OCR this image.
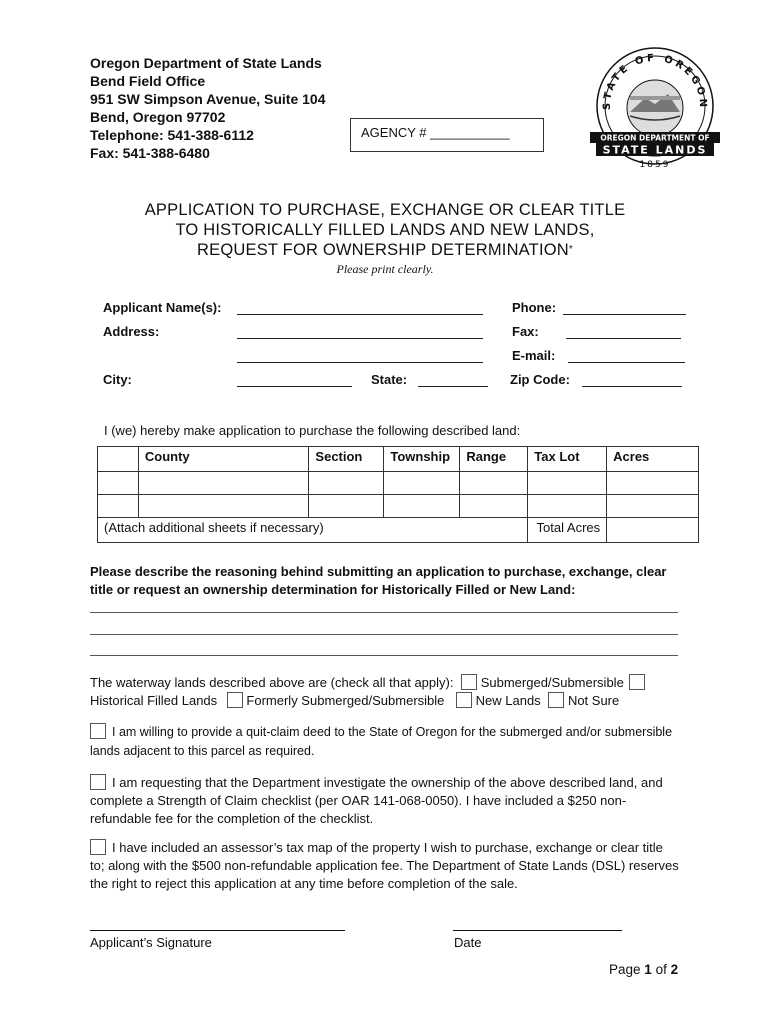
Oregon Department of State Lands
Bend Field Office
951 SW Simpson Avenue, Suite 104
Bend, Oregon 97702
Telephone: 541-388-6112
Fax: 541-388-6480
AGENCY # ___________
STATE OF OREGON
OREGON DEPARTMENT OF
STATE LANDS
1859
APPLICATION TO PURCHASE, EXCHANGE OR CLEAR TITLE
TO HISTORICALLY FILLED LANDS AND NEW LANDS,
REQUEST FOR OWNERSHIP DETERMINATION*
Please print clearly.
Applicant Name(s):
Address:
City:	State:
Phone:
Fax:
E-mail:
Zip Code:
I (we) hereby make application to purchase the following described land:
	County	Section	Township	Range	Tax Lot	Acres

(Attach additional sheets if necessary)					Total Acres	
Please describe the reasoning behind submitting an application to purchase, exchange, clear title or request an ownership determination for Historically Filled or New Land:
The waterway lands described above are (check all that apply): Submerged/Submersible
Historical Filled Lands Formerly Submerged/Submersible New Lands Not Sure
I am willing to provide a quit-claim deed to the State of Oregon for the submerged and/or submersible lands adjacent to this parcel as required.
I am requesting that the Department investigate the ownership of the above described land, and complete a Strength of Claim checklist (per OAR 141-068-0050). I have included a $250 non-refundable fee for the completion of the checklist.
I have included an assessor’s tax map of the property I wish to purchase, exchange or clear title to; along with the $500 non-refundable application fee. The Department of State Lands (DSL) reserves the right to reject this application at any time before completion of the sale.
Applicant’s Signature	Date
Page 1 of 2
